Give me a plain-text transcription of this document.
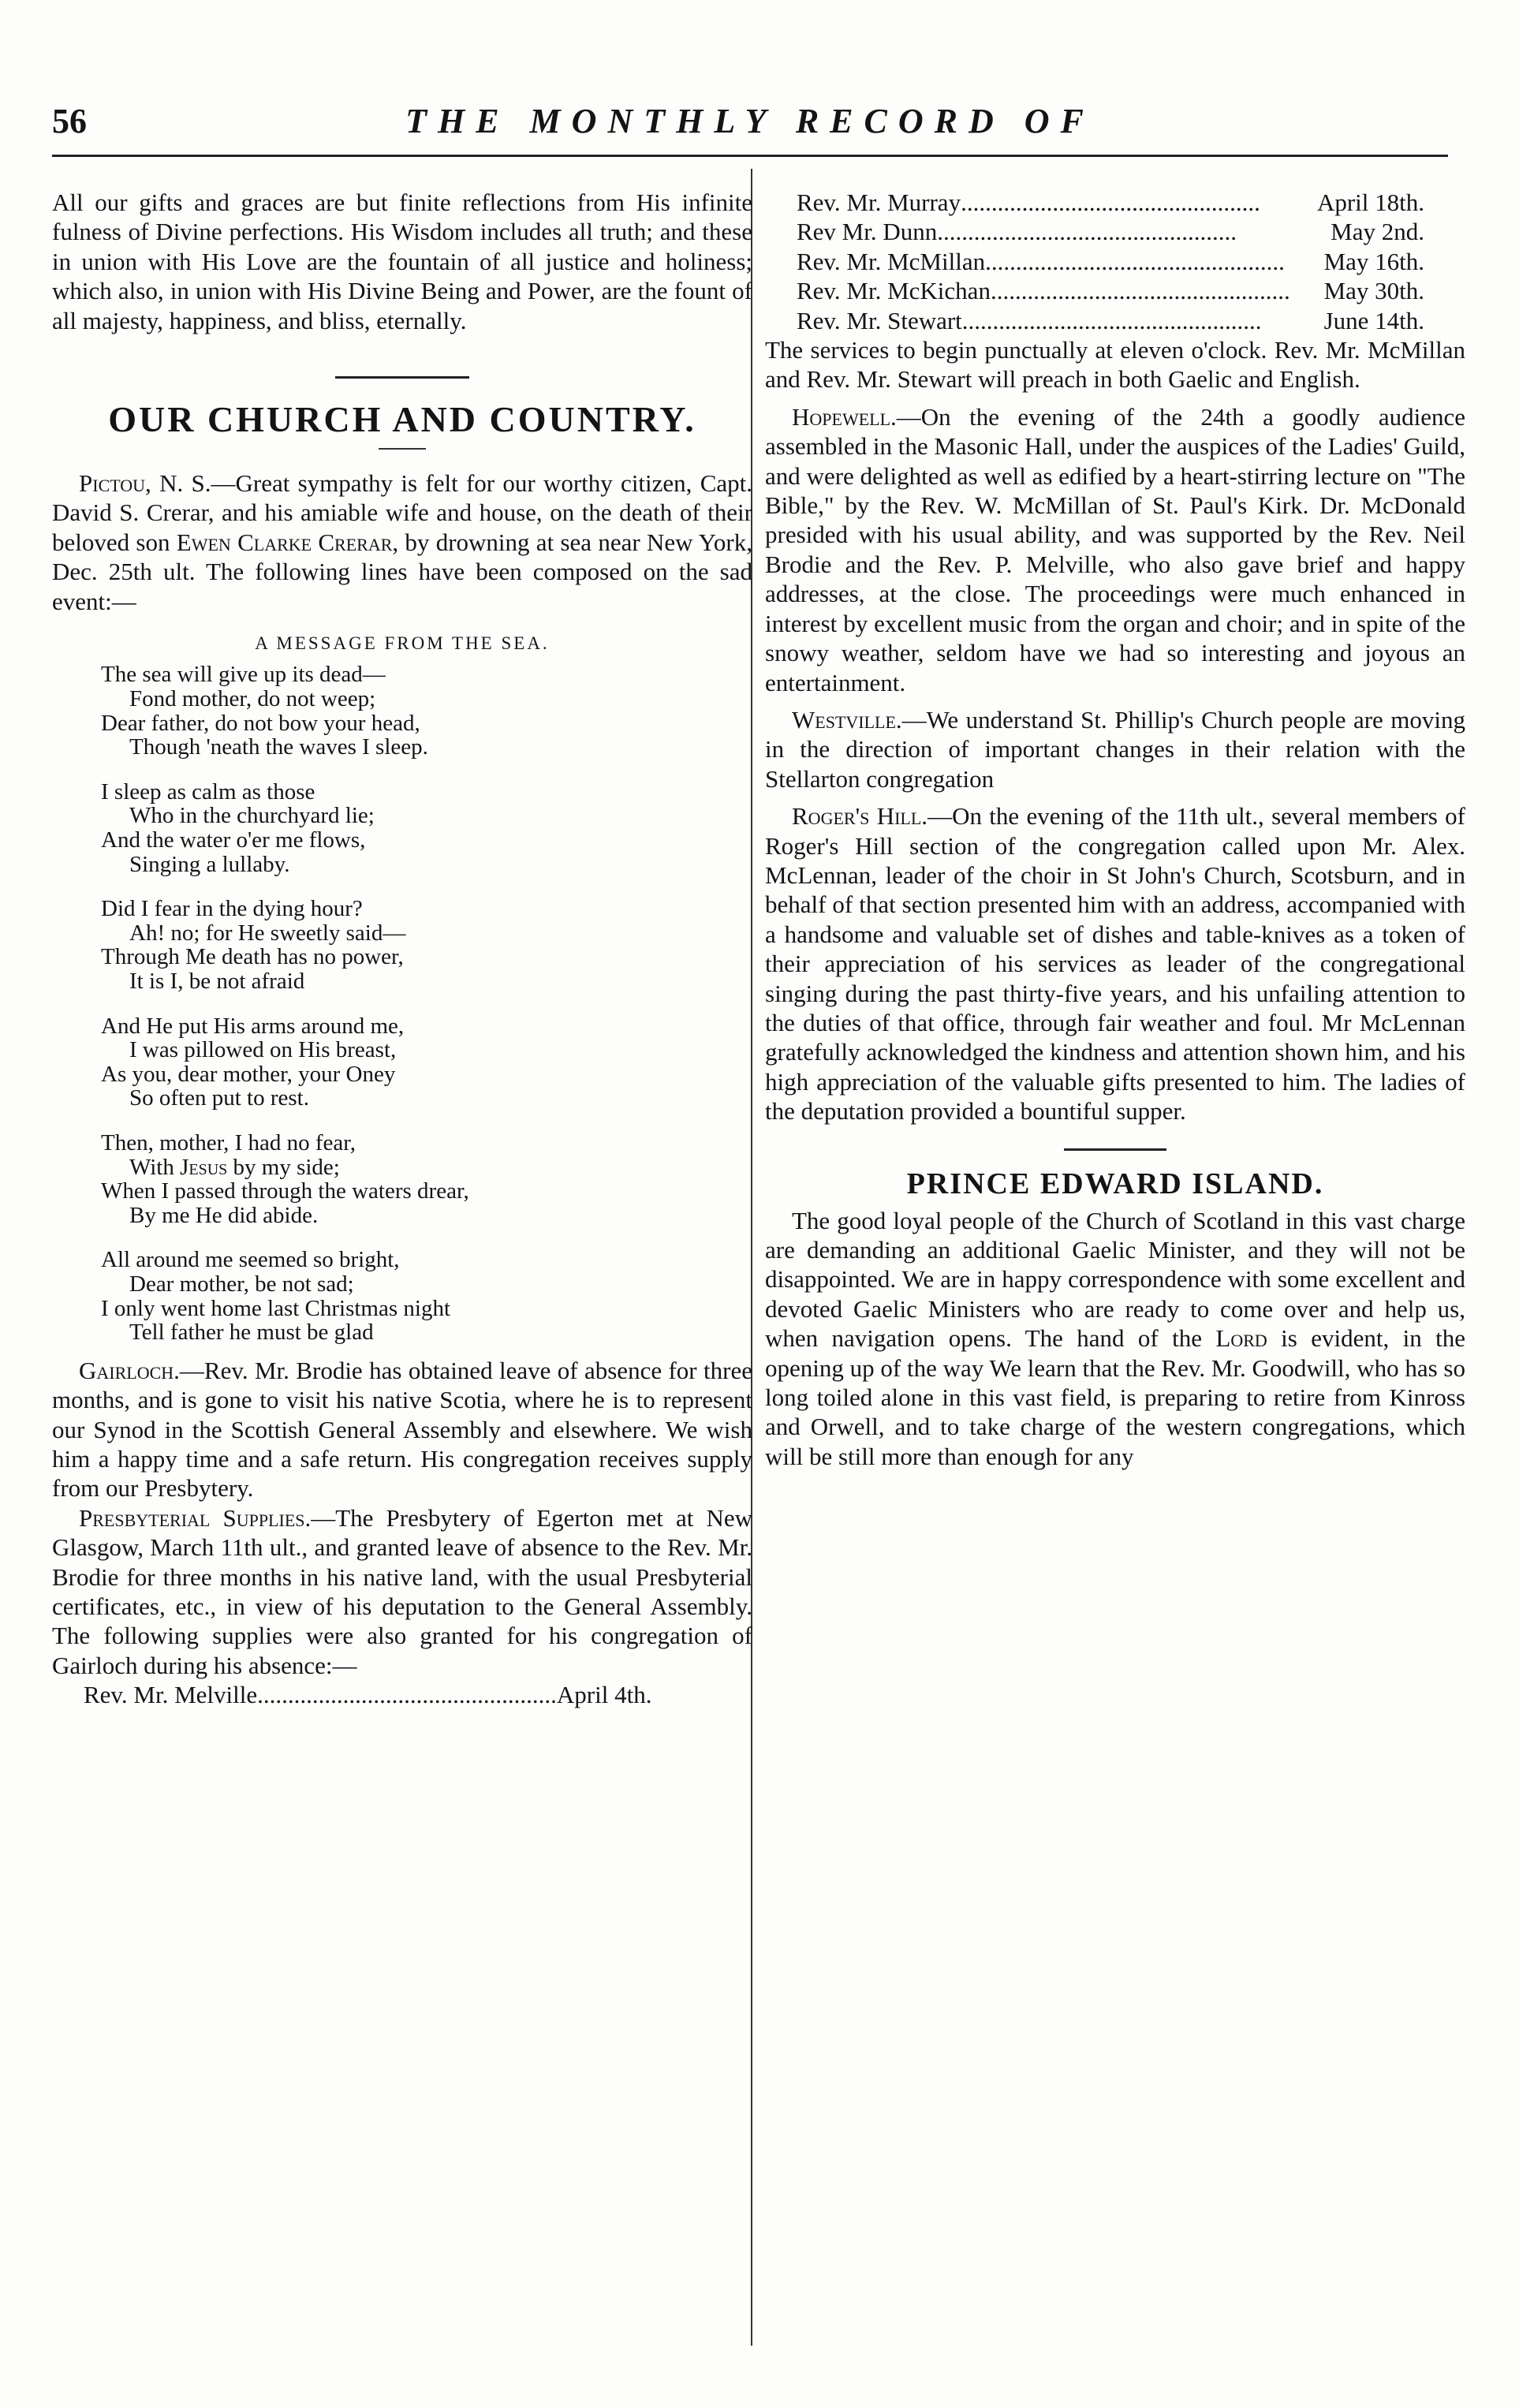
56	THE MONTHLY RECORD OF

All our gifts and graces are but finite reflections from His infinite fulness of Divine perfections. His Wisdom includes all truth; and these in union with His Love are the fountain of all justice and holiness; which also, in union with His Divine Being and Power, are the fount of all majesty, happiness, and bliss, eternally.

OUR CHURCH AND COUNTRY.

Pictou, N. S.—Great sympathy is felt for our worthy citizen, Capt. David S. Crerar, and his amiable wife and house, on the death of their beloved son Ewen Clarke Crerar, by drowning at sea near New York, Dec. 25th ult. The following lines have been composed on the sad event:—

A MESSAGE FROM THE SEA.
The sea will give up its dead—
Fond mother, do not weep;
Dear father, do not bow your head,
Though 'neath the waves I sleep.
I sleep as calm as those
Who in the churchyard lie;
And the water o'er me flows,
Singing a lullaby.
Did I fear in the dying hour?
Ah! no; for He sweetly said—
Through Me death has no power,
It is I, be not afraid
And He put His arms around me,
I was pillowed on His breast,
As you, dear mother, your Oney
So often put to rest.
Then, mother, I had no fear,
With Jesus by my side;
When I passed through the waters drear,
By me He did abide.
All around me seemed so bright,
Dear mother, be not sad;
I only went home last Christmas night
Tell father he must be glad

Gairloch.—Rev. Mr. Brodie has obtained leave of absence for three months, and is gone to visit his native Scotia, where he is to represent our Synod in the Scottish General Assembly and elsewhere. We wish him a happy time and a safe return. His congregation receives supply from our Presbytery.

Presbyterial Supplies.—The Presbytery of Egerton met at New Glasgow, March 11th ult., and granted leave of absence to the Rev. Mr. Brodie for three months in his native land, with the usual Presbyterial certificates, etc., in view of his deputation to the General Assembly. The following supplies were also granted for his congregation of Gairloch during his absence:—

Rev. Mr. Melville ................................................. April 4th.
Rev. Mr. Murray .................................................	April 18th.
Rev Mr. Dunn .................................................	May 2nd.
Rev. Mr. McMillan .................................................	May 16th.
Rev. Mr. McKichan .................................................	May 30th.
Rev. Mr. Stewart .................................................	June 14th.

The services to begin punctually at eleven o'clock. Rev. Mr. McMillan and Rev. Mr. Stewart will preach in both Gaelic and English.

Hopewell.—On the evening of the 24th a goodly audience assembled in the Masonic Hall, under the auspices of the Ladies' Guild, and were delighted as well as edified by a heart-stirring lecture on "The Bible," by the Rev. W. McMillan of St. Paul's Kirk. Dr. McDonald presided with his usual ability, and was supported by the Rev. Neil Brodie and the Rev. P. Melville, who also gave brief and happy addresses, at the close. The proceedings were much enhanced in interest by excellent music from the organ and choir; and in spite of the snowy weather, seldom have we had so interesting and joyous an entertainment.

Westville.—We understand St. Phillip's Church people are moving in the direction of important changes in their relation with the Stellarton congregation

Roger's Hill.—On the evening of the 11th ult., several members of Roger's Hill section of the congregation called upon Mr. Alex. McLennan, leader of the choir in St John's Church, Scotsburn, and in behalf of that section presented him with an address, accompanied with a handsome and valuable set of dishes and table-knives as a token of their appreciation of his services as leader of the congregational singing during the past thirty-five years, and his unfailing attention to the duties of that office, through fair weather and foul. Mr McLennan gratefully acknowledged the kindness and attention shown him, and his high appreciation of the valuable gifts presented to him. The ladies of the deputation provided a bountiful supper.

PRINCE EDWARD ISLAND.

The good loyal people of the Church of Scotland in this vast charge are demanding an additional Gaelic Minister, and they will not be disappointed. We are in happy correspondence with some excellent and devoted Gaelic Ministers who are ready to come over and help us, when navigation opens. The hand of the Lord is evident, in the opening up of the way We learn that the Rev. Mr. Goodwill, who has so long toiled alone in this vast field, is preparing to retire from Kinross and Orwell, and to take charge of the western congregations, which will be still more than enough for any
